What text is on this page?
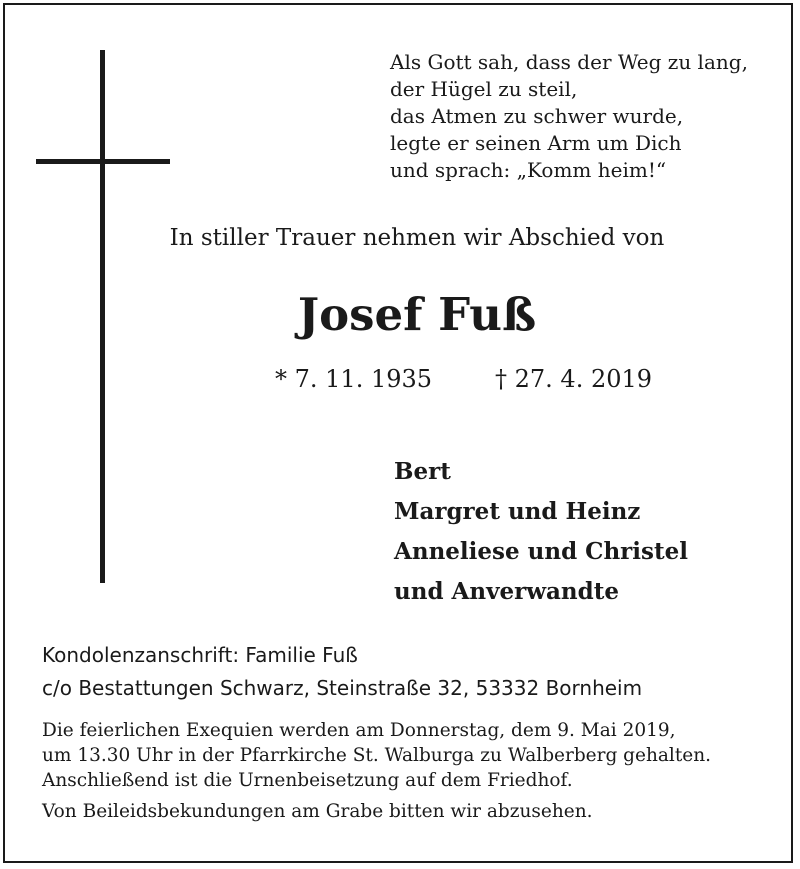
Als Gott sah, dass der Weg zu lang,
der Hügel zu steil,
das Atmen zu schwer wurde,
legte er seinen Arm um Dich
und sprach: „Komm heim!“
In stiller Trauer nehmen wir Abschied von
Josef Fuß
* 7. 11. 1935	† 27. 4. 2019
Bert
Margret und Heinz
Anneliese und Christel
und Anverwandte
Kondolenzanschrift: Familie Fuß
c/o Bestattungen Schwarz, Steinstraße 32, 53332 Bornheim
Die feierlichen Exequien werden am Donnerstag, dem 9. Mai 2019,
um 13.30 Uhr in der Pfarrkirche St. Walburga zu Walberberg gehalten.
Anschließend ist die Urnenbeisetzung auf dem Friedhof.
Von Beileidsbekundungen am Grabe bitten wir abzusehen.
